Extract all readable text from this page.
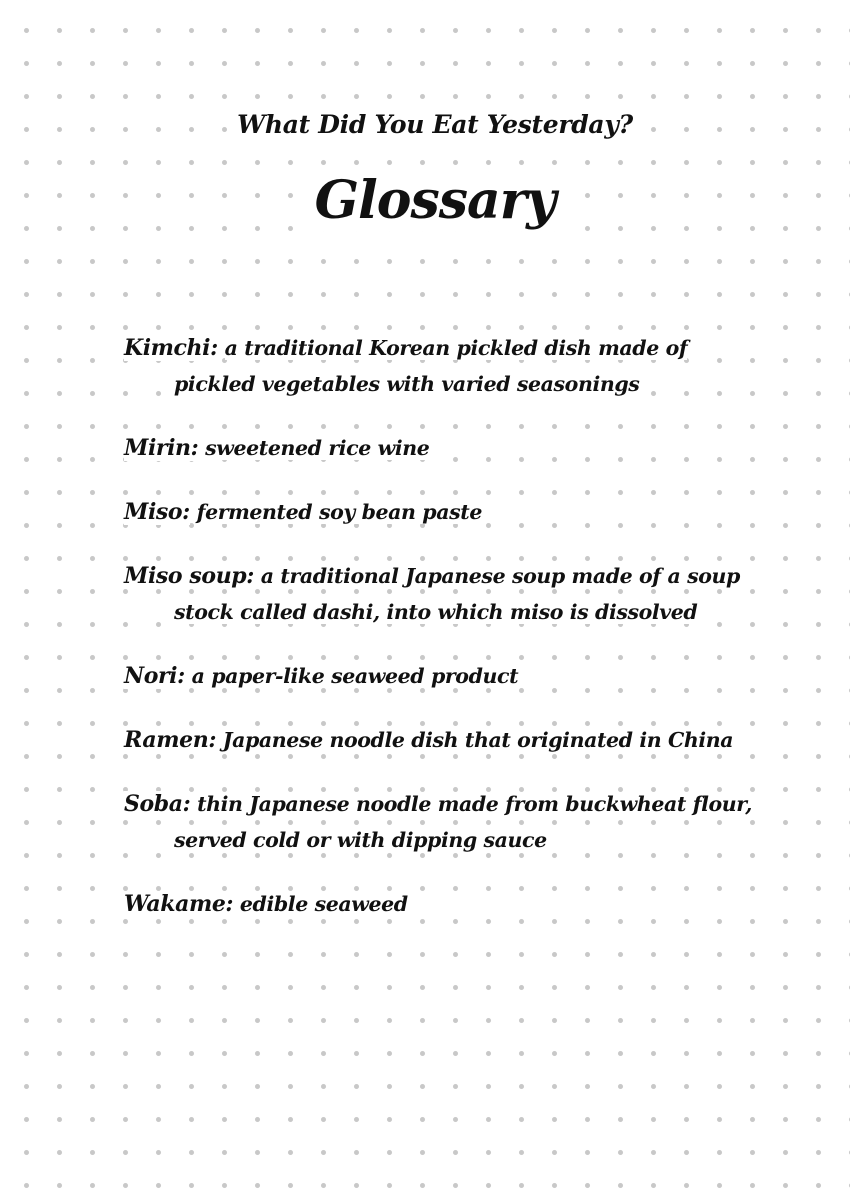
What Did You Eat Yesterday?
Glossary

Kimchi: a traditional Korean pickled dish made of pickled vegetables with varied seasonings

Mirin: sweetened rice wine

Miso: fermented soy bean paste

Miso soup: a traditional Japanese soup made of a soup stock called dashi, into which miso is dissolved

Nori: a paper-like seaweed product

Ramen: Japanese noodle dish that originated in China

Soba: thin Japanese noodle made from buckwheat flour, served cold or with dipping sauce

Wakame: edible seaweed
